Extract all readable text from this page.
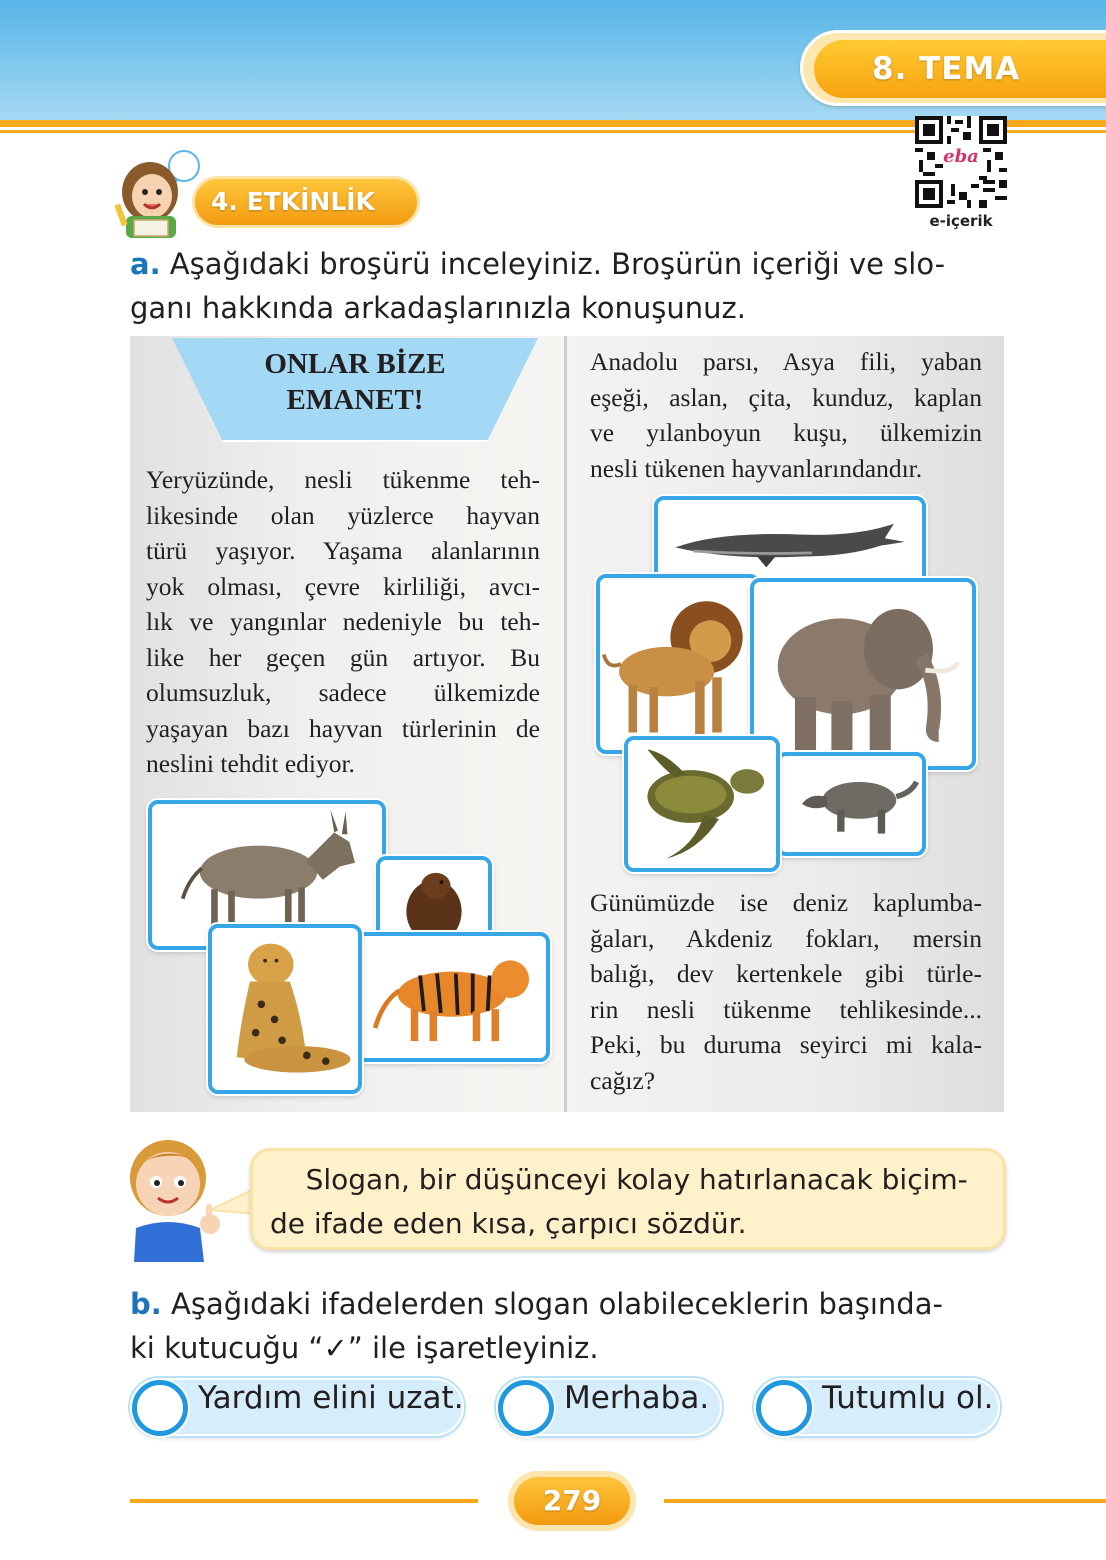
8. TEMA
eba
e-içerik
4. ETKİNLİK
a. Aşağıdaki broşürü inceleyiniz. Broşürün içeriği ve slo-
ganı hakkında arkadaşlarınızla konuşunuz.
ONLAR BİZE
EMANET!
Yeryüzünde, nesli tükenme teh-
likesinde olan yüzlerce hayvan
türü yaşıyor. Yaşama alanlarının
yok olması, çevre kirliliği, avcı-
lık ve yangınlar nedeniyle bu teh-
like her geçen gün artıyor. Bu
olumsuzluk, sadece ülkemizde
yaşayan bazı hayvan türlerinin de
neslini tehdit ediyor.
Anadolu parsı, Asya fili, yaban
eşeği, aslan, çita, kunduz, kaplan
ve yılanboyun kuşu, ülkemizin
nesli tükenen hayvanlarındandır.
Günümüzde ise deniz kaplumba-
ğaları, Akdeniz fokları, mersin
balığı, dev kertenkele gibi türle-
rin nesli tükenme tehlikesinde...
Peki, bu duruma seyirci mi kala-
cağız?
Slogan, bir düşünceyi kolay hatırlanacak biçim-
de ifade eden kısa, çarpıcı sözdür.
b. Aşağıdaki ifadelerden slogan olabileceklerin başında-
ki kutucuğu “✓” ile işaretleyiniz.
Yardım elini uzat.	Merhaba.	Tutumlu ol.
279
